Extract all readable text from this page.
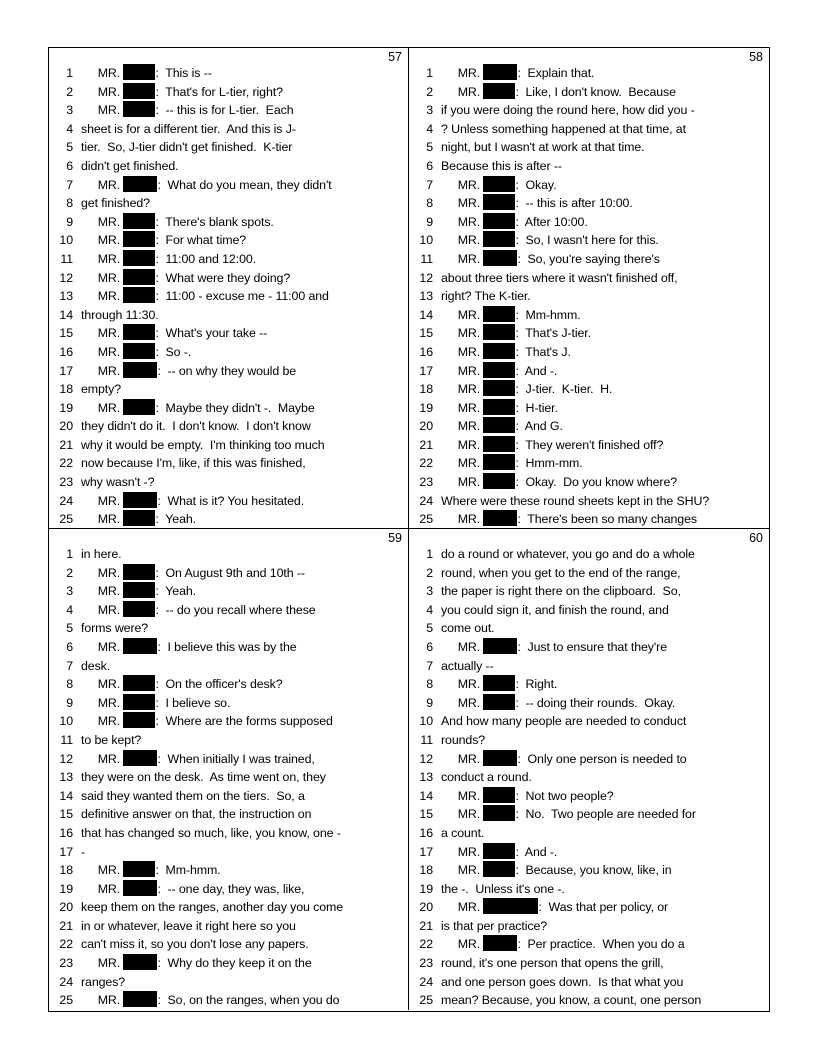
57
1 MR.	:  This is --
2 MR.	:  That's for L-tier, right?
3 MR.	:  -- this is for L-tier.  Each
4 sheet is for a different tier.  And this is J-
5 tier.  So, J-tier didn't get finished.  K-tier
6 didn't get finished.
7 MR.	:  What do you mean, they didn't
8 get finished?
9 MR.	:  There's blank spots.
10 MR.	:  For what time?
11 MR.	:  11:00 and 12:00.
12 MR.	:  What were they doing?
13 MR.	:  11:00 - excuse me - 11:00 and
14 through 11:30.
15 MR.	:  What's your take --
16 MR.	:  So -.
17 MR.	:  -- on why they would be
18 empty?
19 MR.	:  Maybe they didn't -.  Maybe
20 they didn't do it.  I don't know.  I don't know
21 why it would be empty.  I'm thinking too much
22 now because I'm, like, if this was finished,
23 why wasn't -?
24 MR.	:  What is it? You hesitated.
25 MR.	:  Yeah.
58
1 MR.	:  Explain that.
2 MR.	:  Like, I don't know.  Because
3 if you were doing the round here, how did you -
4 ? Unless something happened at that time, at
5 night, but I wasn't at work at that time.
6 Because this is after --
7 MR.	:  Okay.
8 MR.	:  -- this is after 10:00.
9 MR.	:  After 10:00.
10 MR.	:  So, I wasn't here for this.
11 MR.	:  So, you're saying there's
12 about three tiers where it wasn't finished off,
13 right? The K-tier.
14 MR.	:  Mm-hmm.
15 MR.	:  That's J-tier.
16 MR.	:  That's J.
17 MR.	:  And -.
18 MR.	:  J-tier.  K-tier.  H.
19 MR.	:  H-tier.
20 MR.	:  And G.
21 MR.	:  They weren't finished off?
22 MR.	:  Hmm-mm.
23 MR.	:  Okay.  Do you know where?
24 Where were these round sheets kept in the SHU?
25 MR.	:  There's been so many changes
59
1 in here.
2 MR.	:  On August 9th and 10th --
3 MR.	:  Yeah.
4 MR.	:  -- do you recall where these
5 forms were?
6 MR.	:  I believe this was by the
7 desk.
8 MR.	:  On the officer's desk?
9 MR.	:  I believe so.
10 MR.	:  Where are the forms supposed
11 to be kept?
12 MR.	:  When initially I was trained,
13 they were on the desk.  As time went on, they
14 said they wanted them on the tiers.  So, a
15 definitive answer on that, the instruction on
16 that has changed so much, like, you know, one -
17 -
18 MR.	:  Mm-hmm.
19 MR.	:  -- one day, they was, like,
20 keep them on the ranges, another day you come
21 in or whatever, leave it right here so you
22 can't miss it, so you don't lose any papers.
23 MR.	:  Why do they keep it on the
24 ranges?
25 MR.	:  So, on the ranges, when you do
60
1 do a round or whatever, you go and do a whole
2 round, when you get to the end of the range,
3 the paper is right there on the clipboard.  So,
4 you could sign it, and finish the round, and
5 come out.
6 MR.	:  Just to ensure that they're
7 actually --
8 MR.	:  Right.
9 MR.	:  -- doing their rounds.  Okay.
10 And how many people are needed to conduct
11 rounds?
12 MR.	:  Only one person is needed to
13 conduct a round.
14 MR.	:  Not two people?
15 MR.	:  No.  Two people are needed for
16 a count.
17 MR.	:  And -.
18 MR.	:  Because, you know, like, in
19 the -.  Unless it's one -.
20 MR.	:  Was that per policy, or
21 is that per practice?
22 MR.	:  Per practice.  When you do a
23 round, it's one person that opens the grill,
24 and one person goes down.  Is that what you
25 mean? Because, you know, a count, one person
